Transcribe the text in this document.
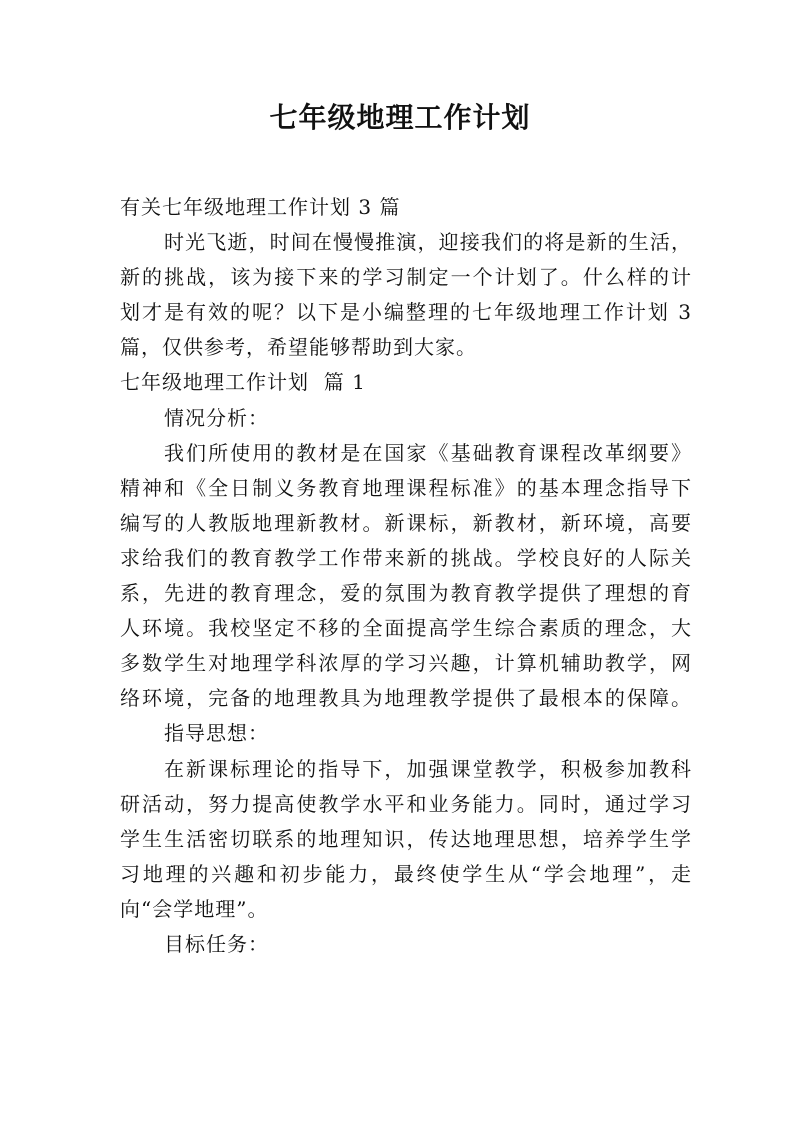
七年级地理工作计划
有关七年级地理工作计划 3 篇
时光飞逝，时间在慢慢推演，迎接我们的将是新的生活，
新的挑战，该为接下来的学习制定一个计划了。什么样的计
划才是有效的呢？以下是小编整理的七年级地理工作计划 3
篇，仅供参考，希望能够帮助到大家。
七年级地理工作计划  篇 1
情况分析：
我们所使用的教材是在国家《基础教育课程改革纲要》
精神和《全日制义务教育地理课程标准》的基本理念指导下
编写的人教版地理新教材。新课标，新教材，新环境，高要
求给我们的教育教学工作带来新的挑战。学校良好的人际关
系，先进的教育理念，爱的氛围为教育教学提供了理想的育
人环境。我校坚定不移的全面提高学生综合素质的理念，大
多数学生对地理学科浓厚的学习兴趣，计算机辅助教学，网
络环境，完备的地理教具为地理教学提供了最根本的保障。
指导思想：
在新课标理论的指导下，加强课堂教学，积极参加教科
研活动，努力提高使教学水平和业务能力。同时，通过学习
学生生活密切联系的地理知识，传达地理思想，培养学生学
习地理的兴趣和初步能力，最终使学生从“学会地理”，走
向“会学地理”。
目标任务：
